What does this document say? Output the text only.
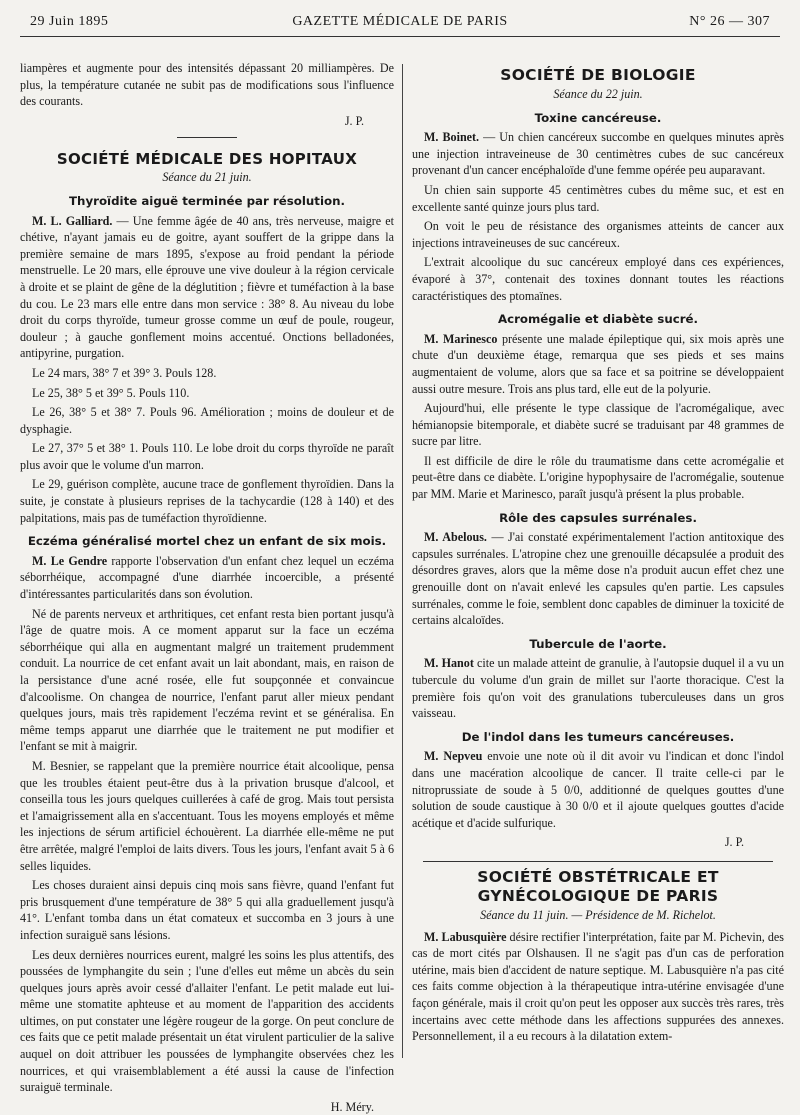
29 Juin 1895	GAZETTE MÉDICALE DE PARIS	N° 26 — 307

liampères et augmente pour des intensités dépassant 20 milliampères. De plus, la température cutanée ne subit pas de modifications sous l'influence des courants.

J. P.

SOCIÉTÉ MÉDICALE DES HOPITAUX
Séance du 21 juin.
Thyroïdite aiguë terminée par résolution.

M. L. Galliard. — Une femme âgée de 40 ans, très nerveuse, maigre et chétive, n'ayant jamais eu de goitre, ayant souffert de la grippe dans la première semaine de mars 1895, s'expose au froid pendant la période menstruelle. Le 20 mars, elle éprouve une vive douleur à la région cervicale à droite et se plaint de gêne de la déglutition ; fièvre et tuméfaction à la base du cou. Le 23 mars elle entre dans mon service : 38° 8. Au niveau du lobe droit du corps thyroïde, tumeur grosse comme un œuf de poule, rougeur, douleur ; à gauche gonflement moins accentué. Onctions belladonées, antipyrine, purgation.

Le 24 mars, 38° 7 et 39° 3. Pouls 128.

Le 25, 38° 5 et 39° 5. Pouls 110.

Le 26, 38° 5 et 38° 7. Pouls 96. Amélioration ; moins de douleur et de dysphagie.

Le 27, 37° 5 et 38° 1. Pouls 110. Le lobe droit du corps thyroïde ne paraît plus avoir que le volume d'un marron.

Le 29, guérison complète, aucune trace de gonflement thyroïdien. Dans la suite, je constate à plusieurs reprises de la tachycardie (128 à 140) et des palpitations, mais pas de tuméfaction thyroïdienne.

Eczéma généralisé mortel chez un enfant de six mois.

M. Le Gendre rapporte l'observation d'un enfant chez lequel un eczéma séborrhéique, accompagné d'une diarrhée incoercible, a présenté d'intéressantes particularités dans son évolution.

Né de parents nerveux et arthritiques, cet enfant resta bien portant jusqu'à l'âge de quatre mois. A ce moment apparut sur la face un eczéma séborrhéique qui alla en augmentant malgré un traitement prudemment conduit. La nourrice de cet enfant avait un lait abondant, mais, en raison de la persistance d'une acné rosée, elle fut soupçonnée et convaincue d'alcoolisme. On changea de nourrice, l'enfant parut aller mieux pendant quelques jours, mais très rapidement l'eczéma revint et se généralisa. En même temps apparut une diarrhée que le traitement ne put modifier et l'enfant se mit à maigrir.

M. Besnier, se rappelant que la première nourrice était alcoolique, pensa que les troubles étaient peut-être dus à la privation brusque d'alcool, et conseilla tous les jours quelques cuillerées à café de grog. Mais tout persista et l'amaigrissement alla en s'accentuant. Tous les moyens employés et même les injections de sérum artificiel échouèrent. La diarrhée elle-même ne put être arrêtée, malgré l'emploi de laits divers. Tous les jours, l'enfant avait 5 à 6 selles liquides.

Les choses duraient ainsi depuis cinq mois sans fièvre, quand l'enfant fut pris brusquement d'une température de 38° 5 qui alla graduellement jusqu'à 41°. L'enfant tomba dans un état comateux et succomba en 3 jours à une infection suraiguë sans lésions.

Les deux dernières nourrices eurent, malgré les soins les plus attentifs, des poussées de lymphangite du sein ; l'une d'elles eut même un abcès du sein quelques jours après avoir cessé d'allaiter l'enfant. Le petit malade eut lui-même une stomatite aphteuse et au moment de l'apparition des accidents ultimes, on put constater une légère rougeur de la gorge. On peut conclure de ces faits que ce petit malade présentait un état virulent particulier de la salive auquel on doit attribuer les poussées de lymphangite observées chez les nourrices, et qui vraisemblablement a été aussi la cause de l'infection suraiguë terminale.

H. Méry.

SOCIÉTÉ DE BIOLOGIE
Séance du 22 juin.
Toxine cancéreuse.

M. Boinet. — Un chien cancéreux succombe en quelques minutes après une injection intraveineuse de 30 centimètres cubes de suc cancéreux provenant d'un cancer encéphaloïde d'une femme opérée peu auparavant.

Un chien sain supporte 45 centimètres cubes du même suc, et est en excellente santé quinze jours plus tard.

On voit le peu de résistance des organismes atteints de cancer aux injections intraveineuses de suc cancéreux.

L'extrait alcoolique du suc cancéreux employé dans ces expériences, évaporé à 37°, contenait des toxines donnant toutes les réactions caractéristiques des ptomaïnes.

Acromégalie et diabète sucré.

M. Marinesco présente une malade épileptique qui, six mois après une chute d'un deuxième étage, remarqua que ses pieds et ses mains augmentaient de volume, alors que sa face et sa poitrine se développaient aussi outre mesure. Trois ans plus tard, elle eut de la polyurie.

Aujourd'hui, elle présente le type classique de l'acromégalique, avec hémianopsie bitemporale, et diabète sucré se traduisant par 48 grammes de sucre par litre.

Il est difficile de dire le rôle du traumatisme dans cette acromégalie et peut-être dans ce diabète. L'origine hypophysaire de l'acromégalie, soutenue par MM. Marie et Marinesco, paraît jusqu'à présent la plus probable.

Rôle des capsules surrénales.

M. Abelous. — J'ai constaté expérimentalement l'action antitoxique des capsules surrénales. L'atropine chez une grenouille décapsulée a produit des désordres graves, alors que la même dose n'a produit aucun effet chez une grenouille dont on n'avait enlevé les capsules qu'en partie. Les capsules surrénales, comme le foie, semblent donc capables de diminuer la toxicité de certains alcaloïdes.

Tubercule de l'aorte.

M. Hanot cite un malade atteint de granulie, à l'autopsie duquel il a vu un tubercule du volume d'un grain de millet sur l'aorte thoracique. C'est la première fois qu'on voit des granulations tuberculeuses dans un gros vaisseau.

De l'indol dans les tumeurs cancéreuses.

M. Nepveu envoie une note où il dit avoir vu l'indican et donc l'indol dans une macération alcoolique de cancer. Il traite celle-ci par le nitroprussiate de soude à 5 0/0, additionné de quelques gouttes d'une solution de soude caustique à 30 0/0 et il ajoute quelques gouttes d'acide acétique et d'acide sulfurique.

J. P.

SOCIÉTÉ OBSTÉTRICALE ET GYNÉCOLOGIQUE DE PARIS
Séance du 11 juin. — Présidence de M. Richelot.

M. Labusquière désire rectifier l'interprétation, faite par M. Pichevin, des cas de mort cités par Olshausen. Il ne s'agit pas d'un cas de perforation utérine, mais bien d'accident de nature septique. M. Labusquière n'a pas cité ces faits comme objection à la thérapeutique intra-utérine envisagée d'une façon générale, mais il croit qu'on peut les opposer aux succès très rares, très incertains avec cette méthode dans les affections suppurées des annexes. Personnellement, il a eu recours à la dilatation extem-
